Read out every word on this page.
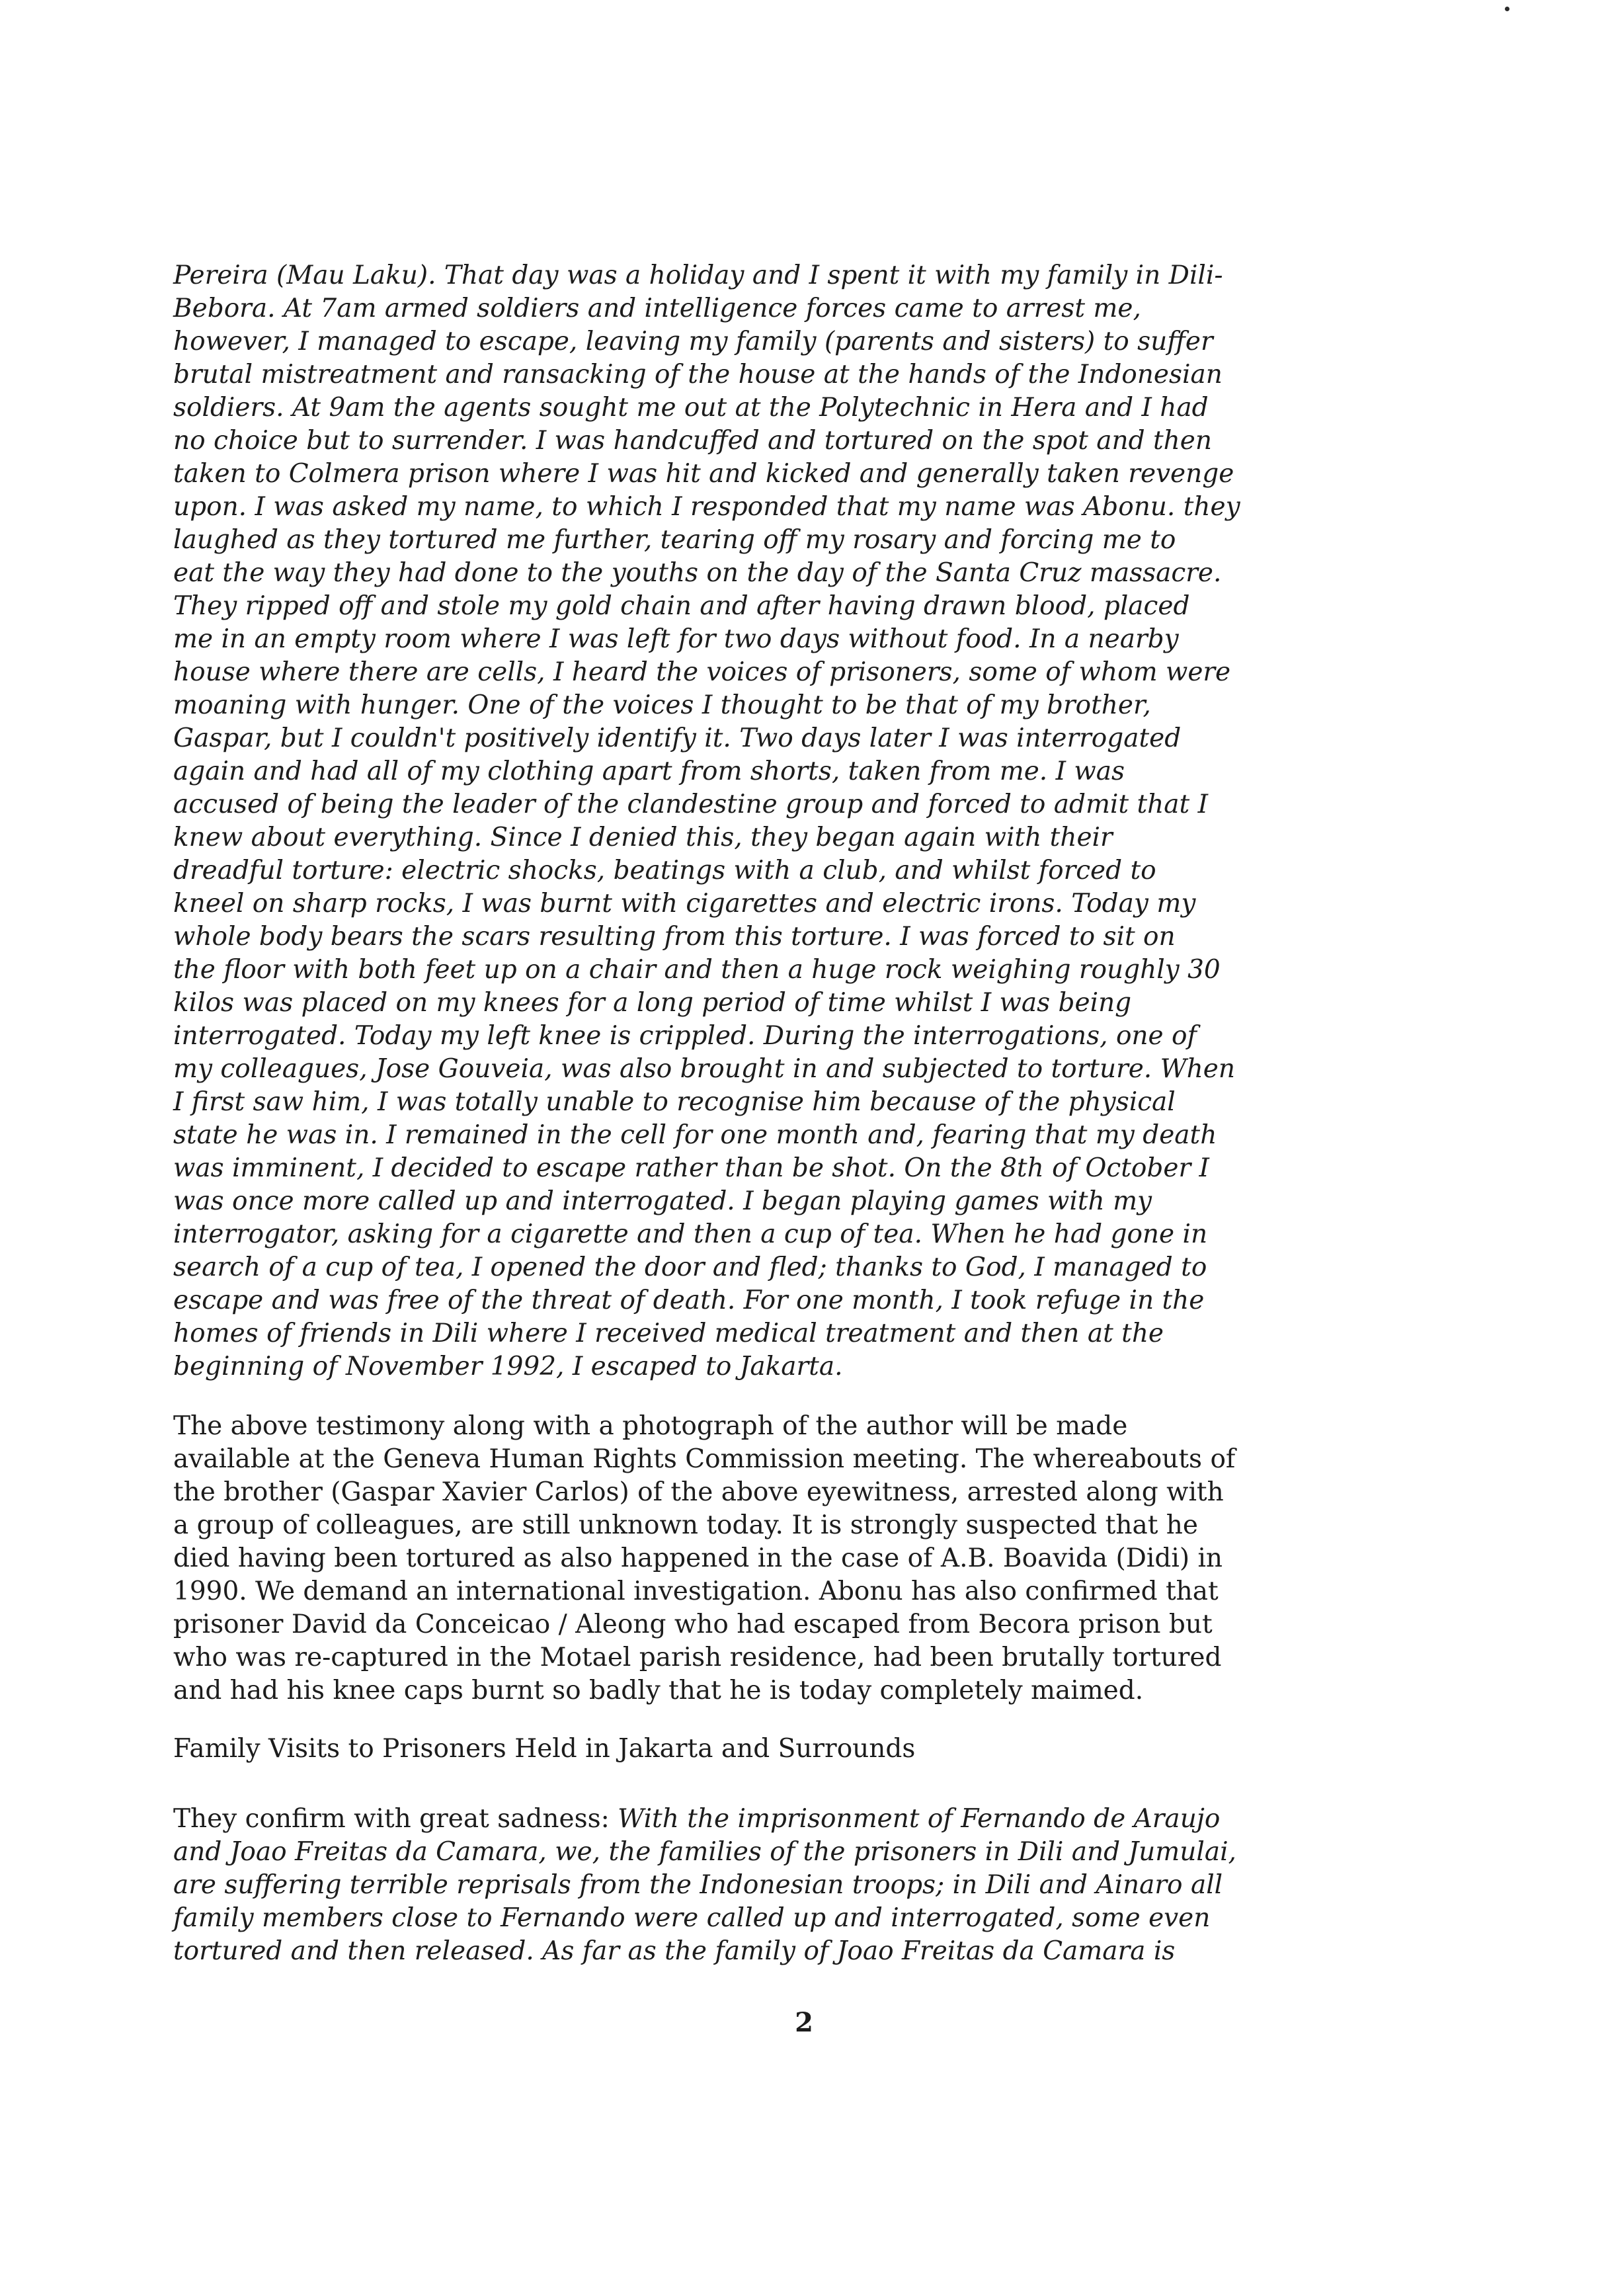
Pereira (Mau Laku). That day was a holiday and I spent it with my family in Dili-
Bebora. At 7am armed soldiers and intelligence forces came to arrest me,
however, I managed to escape, leaving my family (parents and sisters) to suffer
brutal mistreatment and ransacking of the house at the hands of the Indonesian
soldiers. At 9am the agents sought me out at the Polytechnic in Hera and I had
no choice but to surrender. I was handcuffed and tortured on the spot and then
taken to Colmera prison where I was hit and kicked and generally taken revenge
upon. I was asked my name, to which I responded that my name was Abonu. they
laughed as they tortured me further, tearing off my rosary and forcing me to
eat the way they had done to the youths on the day of the Santa Cruz massacre.
They ripped off and stole my gold chain and after having drawn blood, placed
me in an empty room where I was left for two days without food. In a nearby
house where there are cells, I heard the voices of prisoners, some of whom were
moaning with hunger. One of the voices I thought to be that of my brother,
Gaspar, but I couldn't positively identify it. Two days later I was interrogated
again and had all of my clothing apart from shorts, taken from me. I was
accused of being the leader of the clandestine group and forced to admit that I
knew about everything. Since I denied this, they began again with their
dreadful torture: electric shocks, beatings with a club, and whilst forced to
kneel on sharp rocks, I was burnt with cigarettes and electric irons. Today my
whole body bears the scars resulting from this torture. I was forced to sit on
the floor with both feet up on a chair and then a huge rock weighing roughly 30
kilos was placed on my knees for a long period of time whilst I was being
interrogated. Today my left knee is crippled. During the interrogations, one of
my colleagues, Jose Gouveia, was also brought in and subjected to torture. When
I first saw him, I was totally unable to recognise him because of the physical
state he was in. I remained in the cell for one month and, fearing that my death
was imminent, I decided to escape rather than be shot. On the 8th of October I
was once more called up and interrogated. I began playing games with my
interrogator, asking for a cigarette and then a cup of tea. When he had gone in
search of a cup of tea, I opened the door and fled; thanks to God, I managed to
escape and was free of the threat of death. For one month, I took refuge in the
homes of friends in Dili where I received medical treatment and then at the
beginning of November 1992, I escaped to Jakarta.
The above testimony along with a photograph of the author will be made
available at the Geneva Human Rights Commission meeting. The whereabouts of
the brother (Gaspar Xavier Carlos) of the above eyewitness, arrested along with
a group of colleagues, are still unknown today. It is strongly suspected that he
died having been tortured as also happened in the case of A.B. Boavida (Didi) in
1990. We demand an international investigation. Abonu has also confirmed that
prisoner David da Conceicao / Aleong who had escaped from Becora prison but
who was re-captured in the Motael parish residence, had been brutally tortured
and had his knee caps burnt so badly that he is today completely maimed.
Family Visits to Prisoners Held in Jakarta and Surrounds
They confirm with great sadness: With the imprisonment of Fernando de Araujo
and Joao Freitas da Camara, we, the families of the prisoners in Dili and Jumulai,
are suffering terrible reprisals from the Indonesian troops; in Dili and Ainaro all
family members close to Fernando were called up and interrogated, some even
tortured and then released. As far as the family of Joao Freitas da Camara is
2
